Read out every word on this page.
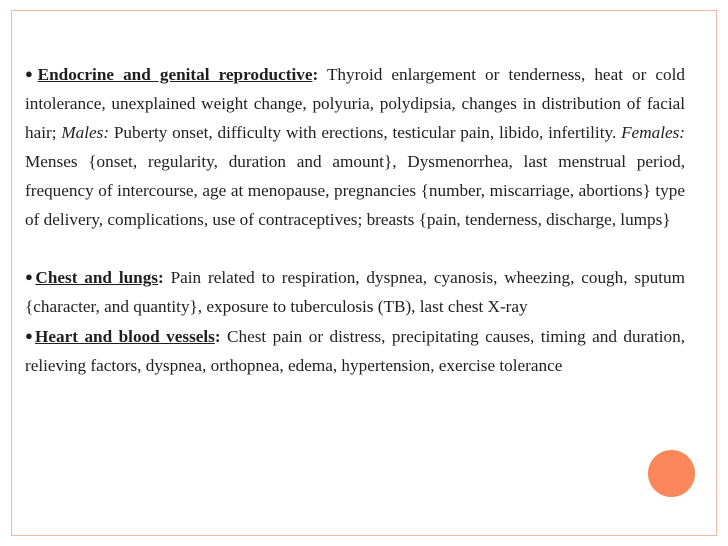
●Endocrine and genital reproductive: Thyroid enlargement or tenderness, heat or cold intolerance, unexplained weight change, polyuria, polydipsia, changes in distribution of facial hair; Males: Puberty onset, difficulty with erections, testicular pain, libido, infertility. Females: Menses {onset, regularity, duration and amount}, Dysmenorrhea, last menstrual period, frequency of intercourse, age at menopause, pregnancies {number, miscarriage, abortions} type of delivery, complications, use of contraceptives; breasts {pain, tenderness, discharge, lumps}

●Chest and lungs: Pain related to respiration, dyspnea, cyanosis, wheezing, cough, sputum {character, and quantity}, exposure to tuberculosis (TB), last chest X-ray

●Heart and blood vessels: Chest pain or distress, precipitating causes, timing and duration, relieving factors, dyspnea, orthopnea, edema, hypertension, exercise tolerance
